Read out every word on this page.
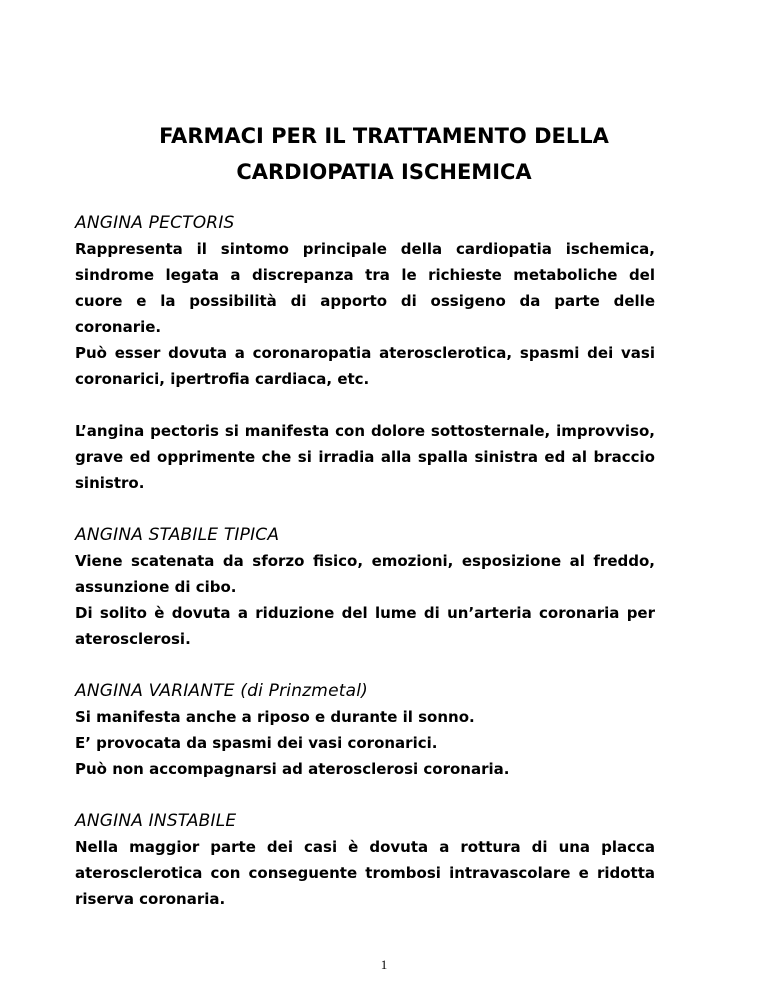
FARMACI PER IL TRATTAMENTO DELLA
CARDIOPATIA ISCHEMICA
ANGINA PECTORIS

Rappresenta il sintomo principale della cardiopatia ischemica, sindrome legata a discrepanza tra le richieste metaboliche del cuore e la possibilità di apporto di ossigeno da parte delle coronarie.

Può esser dovuta a coronaropatia aterosclerotica, spasmi dei vasi coronarici, ipertrofia cardiaca, etc.

L’angina pectoris si manifesta con dolore sottosternale, improvviso, grave ed opprimente che si irradia alla spalla sinistra ed al braccio sinistro.

ANGINA STABILE TIPICA

Viene scatenata da sforzo fisico, emozioni, esposizione al freddo, assunzione di cibo.

Di solito è dovuta a riduzione del lume di un’arteria coronaria per aterosclerosi.

ANGINA VARIANTE (di Prinzmetal)

Si manifesta anche a riposo e durante il sonno.

E’ provocata da spasmi dei vasi coronarici.

Può non accompagnarsi ad aterosclerosi coronaria.

ANGINA INSTABILE

Nella maggior parte dei casi è dovuta a rottura di una placca aterosclerotica con conseguente trombosi intravascolare e ridotta riserva coronaria.

1
